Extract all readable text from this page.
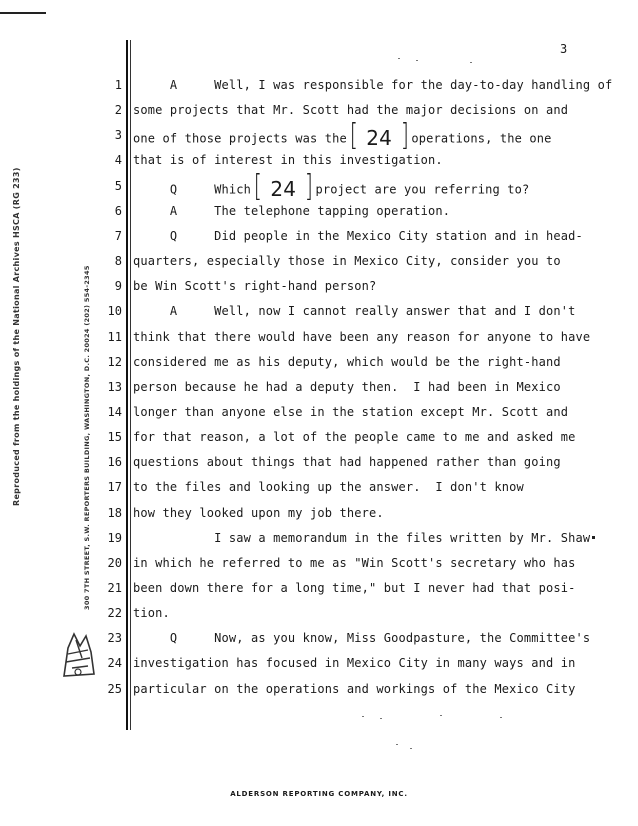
Reproduced from the holdings of the National Archives HSCA (RG 233)	300 7TH STREET, S.W. REPORTERS BUILDING, WASHINGTON, D.C. 20024 (202) 554-2345
3
1 A     Well, I was responsible for the day-to-day handling of
2 some projects that Mr. Scott had the major decisions on and
3 one of those projects was the[ 24 ] operations, the one
4 that is of interest in this investigation.
5 Q     Which[ 24 ] project are you referring to?
6 A     The telephone tapping operation.
7 Q     Did people in the Mexico City station and in head-
8 quarters, especially those in Mexico City, consider you to
9 be Win Scott's right-hand person?
10 A     Well, now I cannot really answer that and I don't
11 think that there would have been any reason for anyone to have
12 considered me as his deputy, which would be the right-hand
13 person because he had a deputy then.  I had been in Mexico
14 longer than anyone else in the station except Mr. Scott and
15 for that reason, a lot of the people came to me and asked me
16 questions about things that had happened rather than going
17 to the files and looking up the answer.  I don't know
18 how they looked upon my job there.
19 I saw a memorandum in the files written by Mr. Shaw
20 in which he referred to me as "Win Scott's secretary who has
21 been down there for a long time," but I never had that posi-
22 tion.
23 Q     Now, as you know, Miss Goodpasture, the Committee's
24 investigation has focused in Mexico City in many ways and in
25 particular on the operations and workings of the Mexico City
ALDERSON REPORTING COMPANY, INC.
